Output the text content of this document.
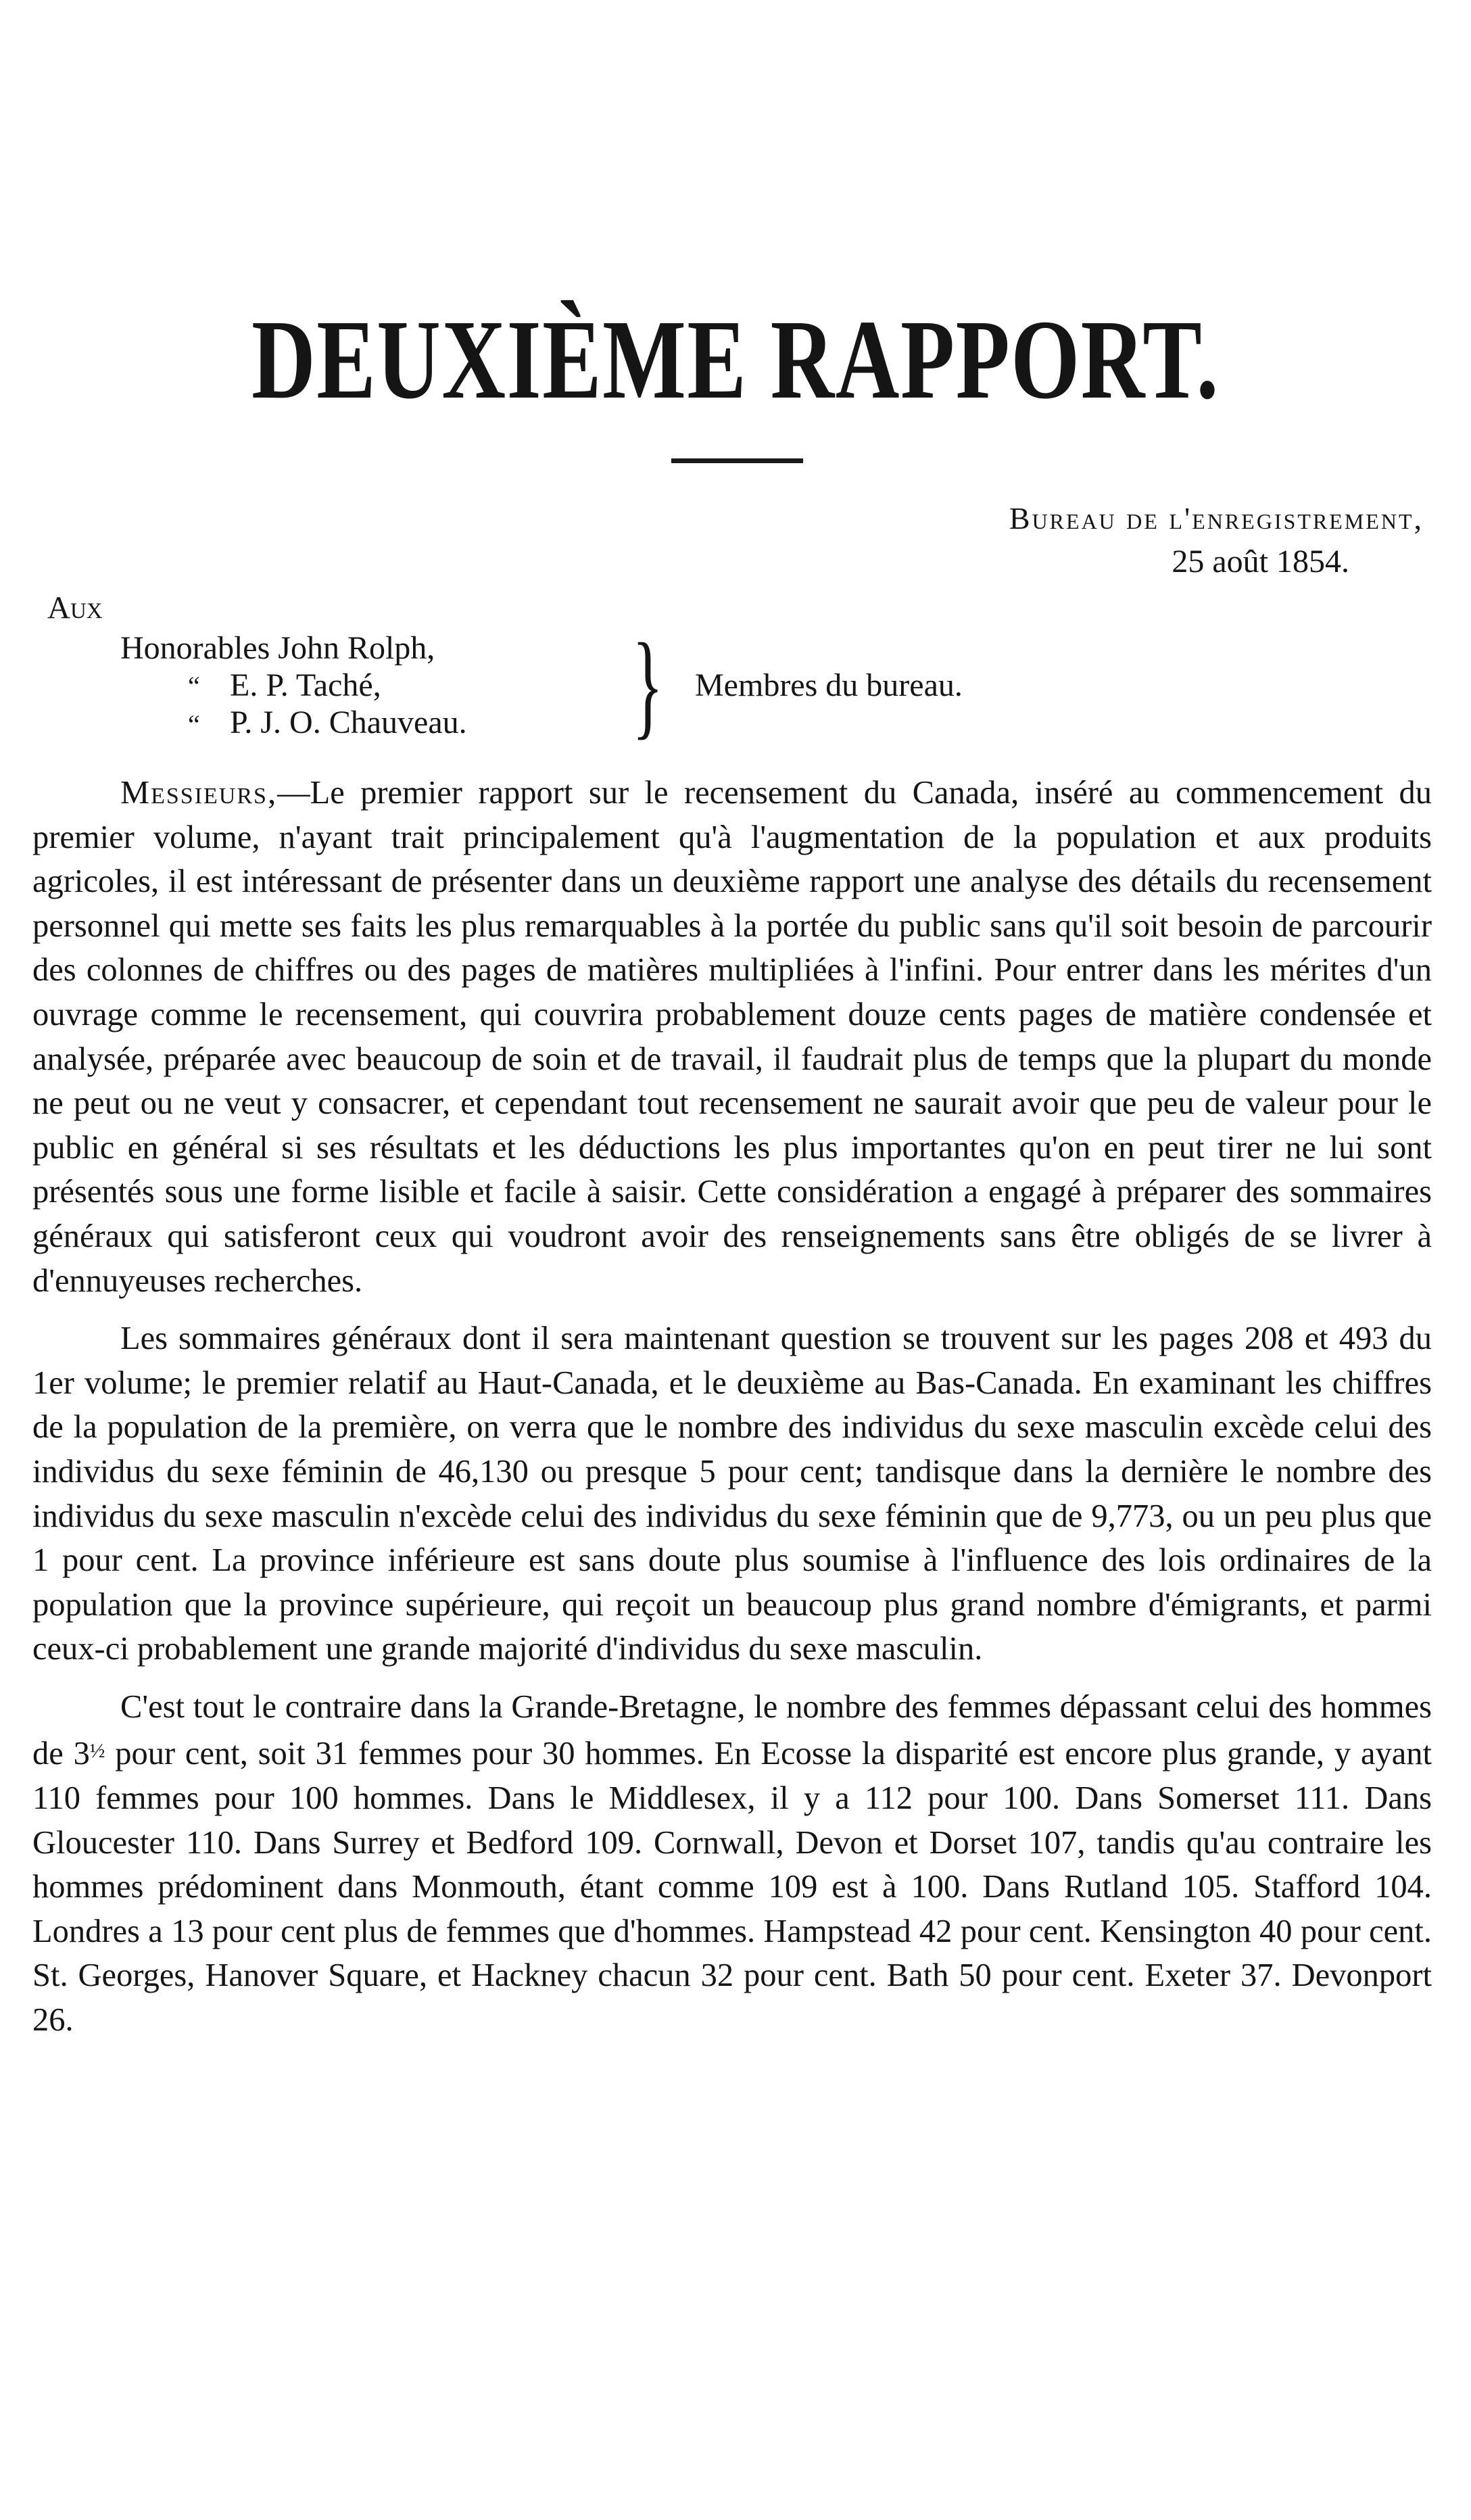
DEUXIÈME RAPPORT.
Bureau de l'enregistrement,
25 août 1854.
Aux
Honorables John Rolph,
“ E. P. Taché,
“ P. J. O. Chauveau. } Membres du bureau.

Messieurs,—Le premier rapport sur le recensement du Canada, inséré au commencement du premier volume, n'ayant trait principalement qu'à l'augmentation de la population et aux produits agricoles, il est intéressant de présenter dans un deuxième rapport une analyse des détails du recensement personnel qui mette ses faits les plus remarquables à la portée du public sans qu'il soit besoin de parcourir des colonnes de chiffres ou des pages de matières multipliées à l'infini. Pour entrer dans les mérites d'un ouvrage comme le recensement, qui couvrira probablement douze cents pages de matière condensée et analysée, préparée avec beaucoup de soin et de travail, il faudrait plus de temps que la plupart du monde ne peut ou ne veut y consacrer, et cependant tout recensement ne saurait avoir que peu de valeur pour le public en général si ses résultats et les déductions les plus importantes qu'on en peut tirer ne lui sont présentés sous une forme lisible et facile à saisir. Cette considération a engagé à préparer des sommaires généraux qui satisferont ceux qui voudront avoir des renseignements sans être obligés de se livrer à d'ennuyeuses recherches.

Les sommaires généraux dont il sera maintenant question se trouvent sur les pages 208 et 493 du 1er volume; le premier relatif au Haut-Canada, et le deuxième au Bas-Canada. En examinant les chiffres de la population de la première, on verra que le nombre des individus du sexe masculin excède celui des individus du sexe féminin de 46,130 ou presque 5 pour cent; tandisque dans la dernière le nombre des individus du sexe masculin n'excède celui des individus du sexe féminin que de 9,773, ou un peu plus que 1 pour cent. La province inférieure est sans doute plus soumise à l'influence des lois ordinaires de la population que la province supérieure, qui reçoit un beaucoup plus grand nombre d'émigrants, et parmi ceux-ci probablement une grande majorité d'individus du sexe masculin.

C'est tout le contraire dans la Grande-Bretagne, le nombre des femmes dépassant celui des hommes de $3^{\frac{1}{2}}$ pour cent, soit 31 femmes pour 30 hommes. En Ecosse la disparité est encore plus grande, y ayant 110 femmes pour 100 hommes. Dans le Middlesex, il y a 112 pour 100. Dans Somerset 111. Dans Gloucester 110. Dans Surrey et Bedford 109. Cornwall, Devon et Dorset 107, tandis qu'au contraire les hommes prédominent dans Monmouth, étant comme 109 est à 100. Dans Rutland 105. Stafford 104. Londres a 13 pour cent plus de femmes que d'hommes. Hampstead 42 pour cent. Kensington 40 pour cent. St. Georges, Hanover Square, et Hackney chacun 32 pour cent. Bath 50 pour cent. Exeter 37. Devonport 26.
